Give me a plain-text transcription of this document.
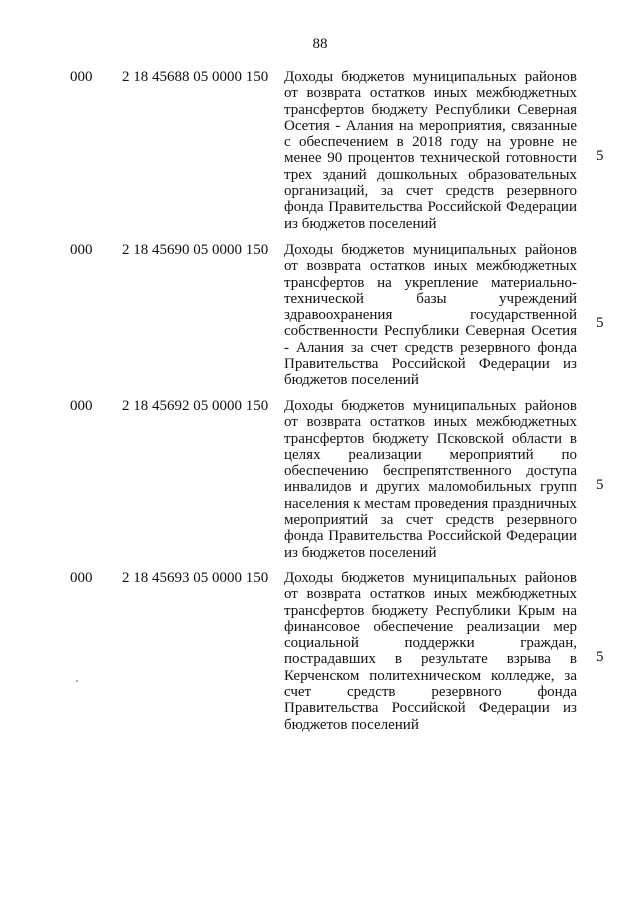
88
000 2 18 45688 05 0000 150 Доходы бюджетов муниципальных районов от возврата остатков иных межбюджетных трансфертов бюджету Республики Северная Осетия - Алания на мероприятия, связанные с обеспечением в 2018 году на уровне не менее 90 процентов технической готовности трех зданий дошкольных образовательных организаций, за счет средств резервного фонда Правительства Российской Федерации из бюджетов поселений
5
000 2 18 45690 05 0000 150 Доходы бюджетов муниципальных районов от возврата остатков иных межбюджетных трансфертов на укрепление материально-технической базы учреждений здравоохранения государственной собственности Республики Северная Осетия - Алания за счет средств резервного фонда Правительства Российской Федерации из бюджетов поселений
5
000 2 18 45692 05 0000 150 Доходы бюджетов муниципальных районов от возврата остатков иных межбюджетных трансфертов бюджету Псковской области в целях реализации мероприятий по обеспечению беспрепятственного доступа инвалидов и других маломобильных групп населения к местам проведения праздничных мероприятий за счет средств резервного фонда Правительства Российской Федерации из бюджетов поселений
5
000 2 18 45693 05 0000 150 Доходы бюджетов муниципальных районов от возврата остатков иных межбюджетных трансфертов бюджету Республики Крым на финансовое обеспечение реализации мер социальной поддержки граждан, пострадавших в результате взрыва в Керченском политехническом колледже, за счет средств резервного фонда Правительства Российской Федерации из бюджетов поселений
5
